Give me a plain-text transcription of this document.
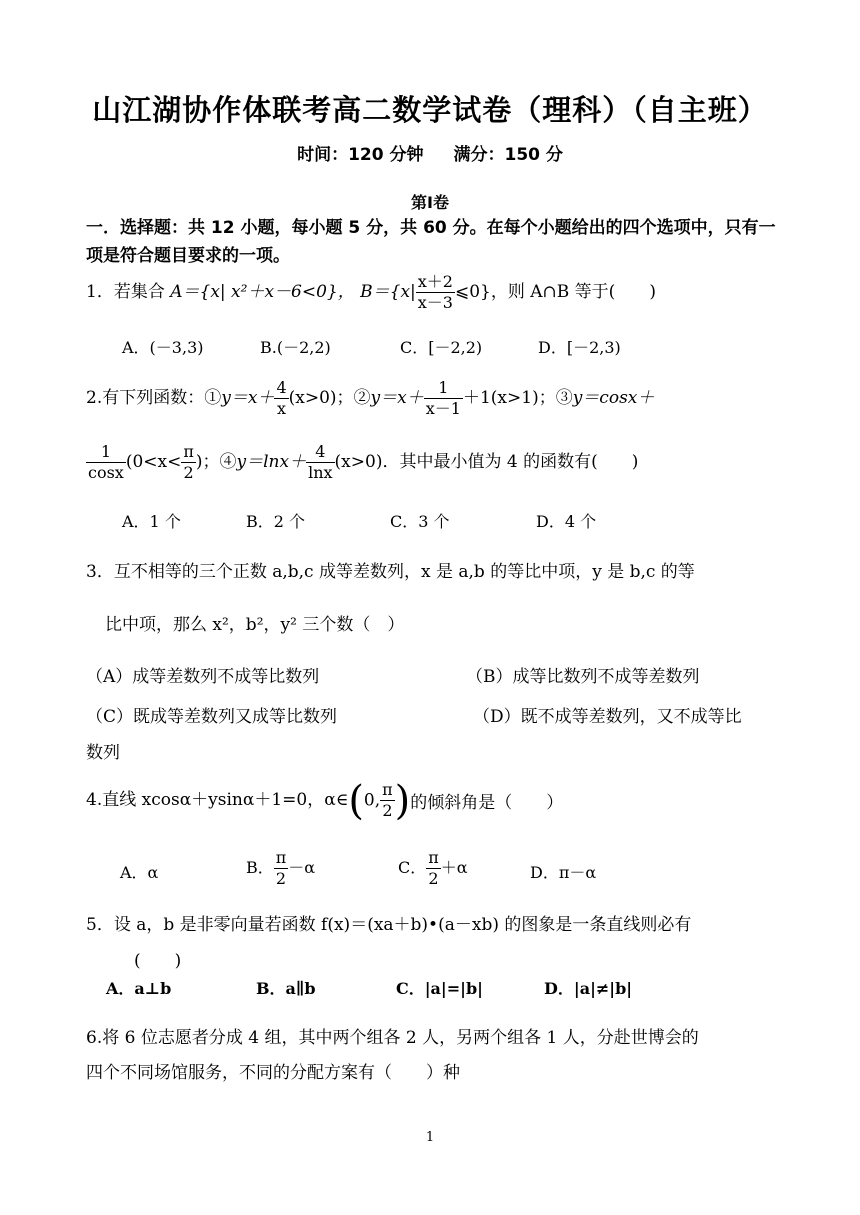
山江湖协作体联考高二数学试卷（理科）（自主班）
时间：120 分钟 满分：150 分
第Ⅰ卷
一．选择题：共 12 小题，每小题 5 分，共 60 分。在每个小题给出的四个选项中，只有一项是符合题目要求的一项。
1．若集合 A＝{x| x²＋x－6<0}， $B=\{x| \frac{x+2}{x-3}$ ⩽0}，则 A∩B 等于(　　)
A．(－3,3)	B.(－2,2)	C．[－2,2)	D．[－2,3)
2.有下列函数：①y＝x＋ $\frac{4}{x} (x>0)$；②y＝x＋ $\frac{1}{x-1} +1(x>1)$；③y＝cosx＋
$\frac{1}{\cos x} (0<x< \frac{\pi}{2}$ )；④y＝lnx＋ $\frac{4}{\ln x} (x>0)$．其中最小值为 4 的函数有(　　)
A．1 个	B．2 个	C．3 个	D．4 个
3．互不相等的三个正数 a,b,c 成等差数列，x 是 a,b 的等比中项，y 是 b,c 的等
比中项，那么 x²，b²，y² 三个数（　）
（A）成等差数列不成等比数列	（B）成等比数列不成等差数列
（C）既成等差数列又成等比数列	（D）既不成等差数列，又不成等比
数列
4.直线 xcosα＋ysinα＋1=0，α∈(0, $\frac{\pi}{2}$ )的倾斜角是（　　）
A．α	B． $\frac{\pi}{2} -\alpha$	C． $\frac{\pi}{2} +\alpha$	D．π－α
5．设 a，b 是非零向量若函数 f(x)＝(xa＋b)•(a－xb) 的图象是一条直线则必有
(　　)
A．a⊥b	B．a∥b	C．|a|=|b|	D．|a|≠|b|
6.将 6 位志愿者分成 4 组，其中两个组各 2 人，另两个组各 1 人，分赴世博会的
四个不同场馆服务，不同的分配方案有（　　）种
1
